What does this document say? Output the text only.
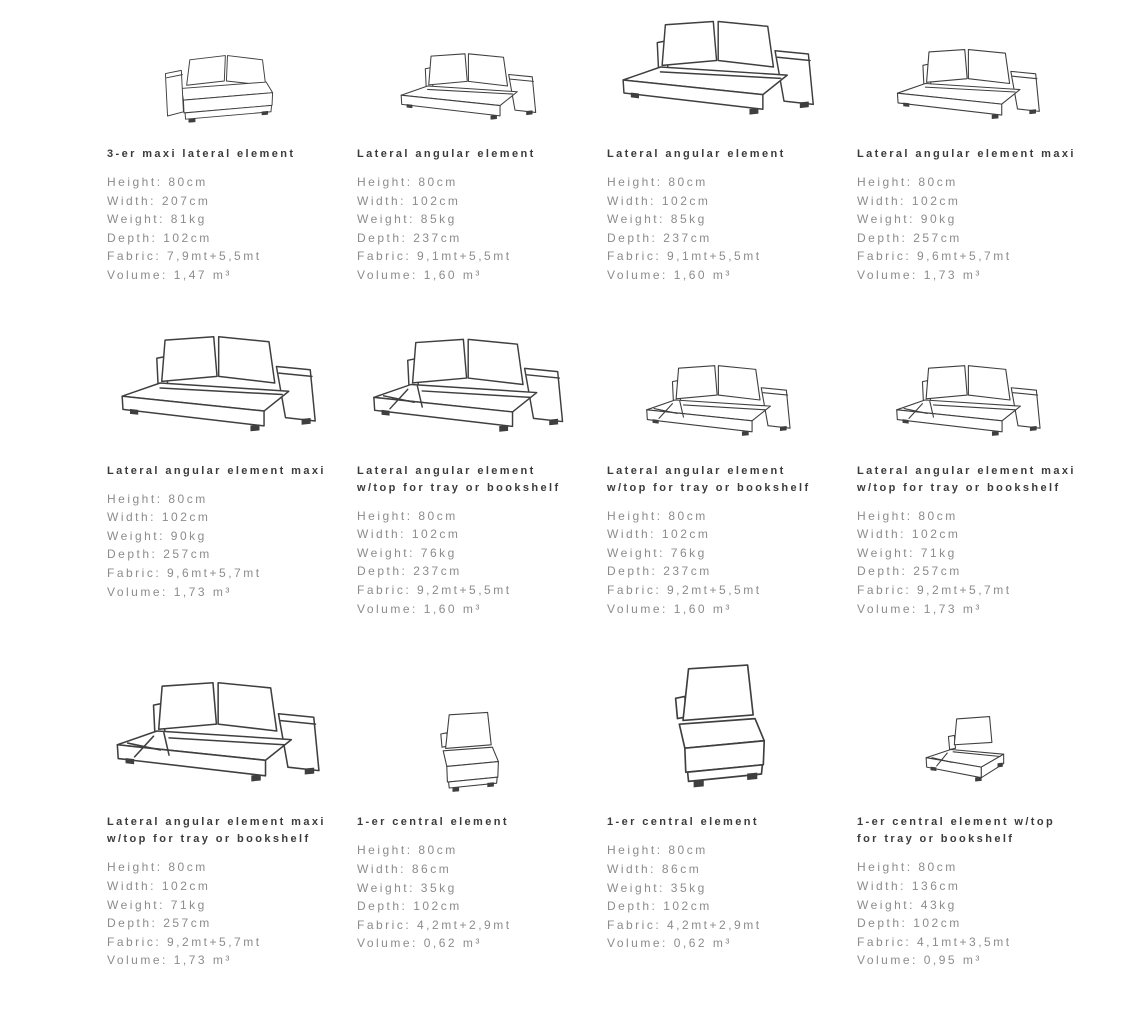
3-er maxi lateral element

Height: 80cm

Width: 207cm

Weight: 81kg

Depth: 102cm

Fabric: 7,9mt+5,5mt

Volume: 1,47 m³

Lateral angular element

Height: 80cm

Width: 102cm

Weight: 85kg

Depth: 237cm

Fabric: 9,1mt+5,5mt

Volume: 1,60 m³

Lateral angular element

Height: 80cm

Width: 102cm

Weight: 85kg

Depth: 237cm

Fabric: 9,1mt+5,5mt

Volume: 1,60 m³

Lateral angular element maxi

Height: 80cm

Width: 102cm

Weight: 90kg

Depth: 257cm

Fabric: 9,6mt+5,7mt

Volume: 1,73 m³

Lateral angular element maxi

Height: 80cm

Width: 102cm

Weight: 90kg

Depth: 257cm

Fabric: 9,6mt+5,7mt

Volume: 1,73 m³

Lateral angular element w/top for tray or bookshelf

Height: 80cm

Width: 102cm

Weight: 76kg

Depth: 237cm

Fabric: 9,2mt+5,5mt

Volume: 1,60 m³

Lateral angular element w/top for tray or bookshelf

Height: 80cm

Width: 102cm

Weight: 76kg

Depth: 237cm

Fabric: 9,2mt+5,5mt

Volume: 1,60 m³

Lateral angular element maxi w/top for tray or bookshelf

Height: 80cm

Width: 102cm

Weight: 71kg

Depth: 257cm

Fabric: 9,2mt+5,7mt

Volume: 1,73 m³

Lateral angular element maxi w/top for tray or bookshelf

Height: 80cm

Width: 102cm

Weight: 71kg

Depth: 257cm

Fabric: 9,2mt+5,7mt

Volume: 1,73 m³

1-er central element

Height: 80cm

Width: 86cm

Weight: 35kg

Depth: 102cm

Fabric: 4,2mt+2,9mt

Volume: 0,62 m³

1-er central element

Height: 80cm

Width: 86cm

Weight: 35kg

Depth: 102cm

Fabric: 4,2mt+2,9mt

Volume: 0,62 m³

1-er central element w/top for tray or bookshelf

Height: 80cm

Width: 136cm

Weight: 43kg

Depth: 102cm

Fabric: 4,1mt+3,5mt

Volume: 0,95 m³
